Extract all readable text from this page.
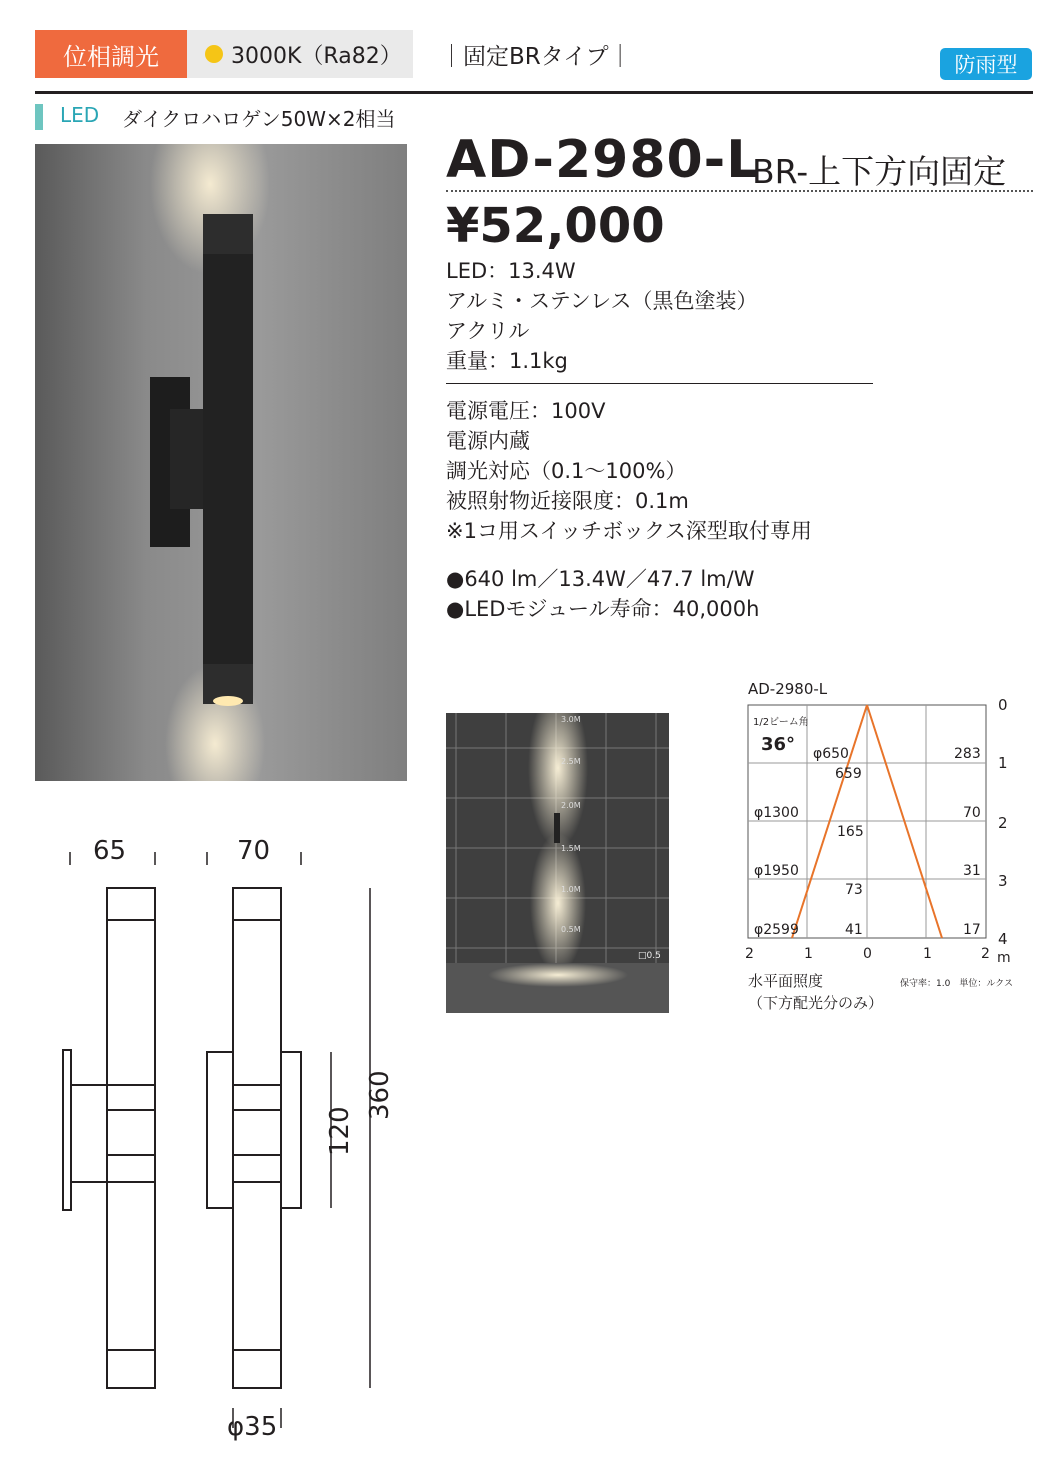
位相調光	3000K（Ra82） ｜固定BRタイプ｜	防雨型
LED ダイクロハロゲン50W×2相当
AD-2980-L
BR-上下方向固定
¥52,000
LED：13.4W
アルミ・ステンレス（黒色塗装）
アクリル
重量：1.1kg
電源電圧：100V
電源内蔵
調光対応（0.1〜100%）
被照射物近接限度：0.1m
※1コ用スイッチボックス深型取付専用
●640 lm／13.4W／47.7 lm/W
●LEDモジュール寿命：40,000h
3.0M
2.5M
2.0M
1.5M
1.0M
0.5M
□0.5
AD-2980-L
1/2ビーム角
36°
0
1
2
3
4
φ650
φ1300
φ1950
φ2599
659
165
73
41
283
70
31
17
2	1	0	1	2 m
水平面照度
（下方配光分のみ）
保守率：1.0　単位：ルクス
65	70
360
120
φ35
